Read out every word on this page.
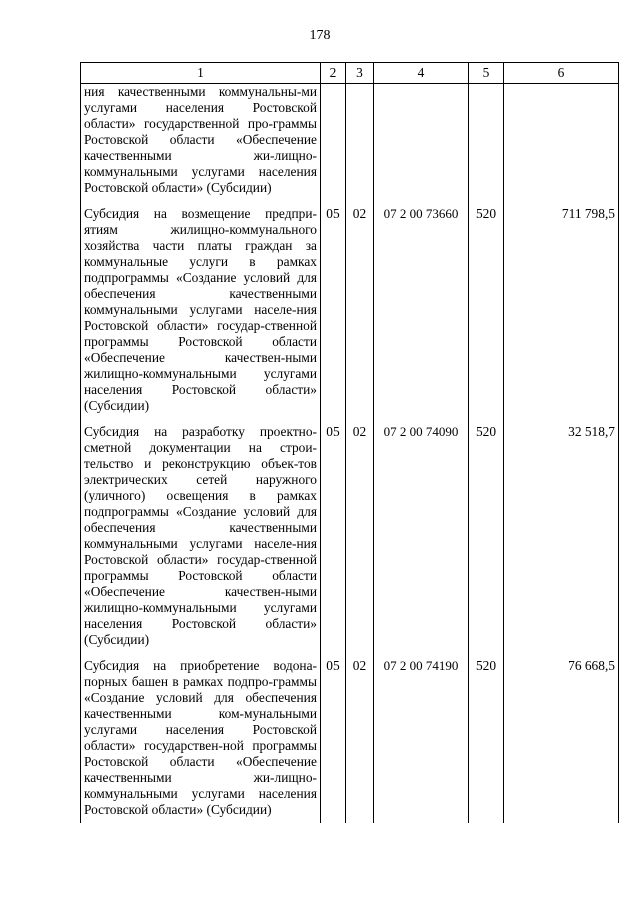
178
1	2	3	4	5	6
ния качественными коммунальны-ми услугами населения Ростовской области» государственной про-граммы Ростовской области «Обеспечение качественными жи-лищно-коммунальными услугами населения Ростовской области» (Субсидии)					
Субсидия на возмещение предпри-ятиям жилищно-коммунального хозяйства части платы граждан за коммунальные услуги в рамках подпрограммы «Создание условий для обеспечения качественными коммунальными услугами населе-ния Ростовской области» государ-ственной программы Ростовской области «Обеспечение качествен-ными жилищно-коммунальными услугами населения Ростовской области» (Субсидии)	05	02	07 2 00 73660	520	711 798,5
Субсидия на разработку проектно-сметной документации на строи-тельство и реконструкцию объек-тов электрических сетей наружного (уличного) освещения в рамках подпрограммы «Создание условий для обеспечения качественными коммунальными услугами населе-ния Ростовской области» государ-ственной программы Ростовской области «Обеспечение качествен-ными жилищно-коммунальными услугами населения Ростовской области» (Субсидии)	05	02	07 2 00 74090	520	32 518,7
Субсидия на приобретение водона-порных башен в рамках подпро-граммы «Создание условий для обеспечения качественными ком-мунальными услугами населения Ростовской области» государствен-ной программы Ростовской области «Обеспечение качественными жи-лищно-коммунальными услугами населения Ростовской области» (Субсидии)	05	02	07 2 00 74190	520	76 668,5
